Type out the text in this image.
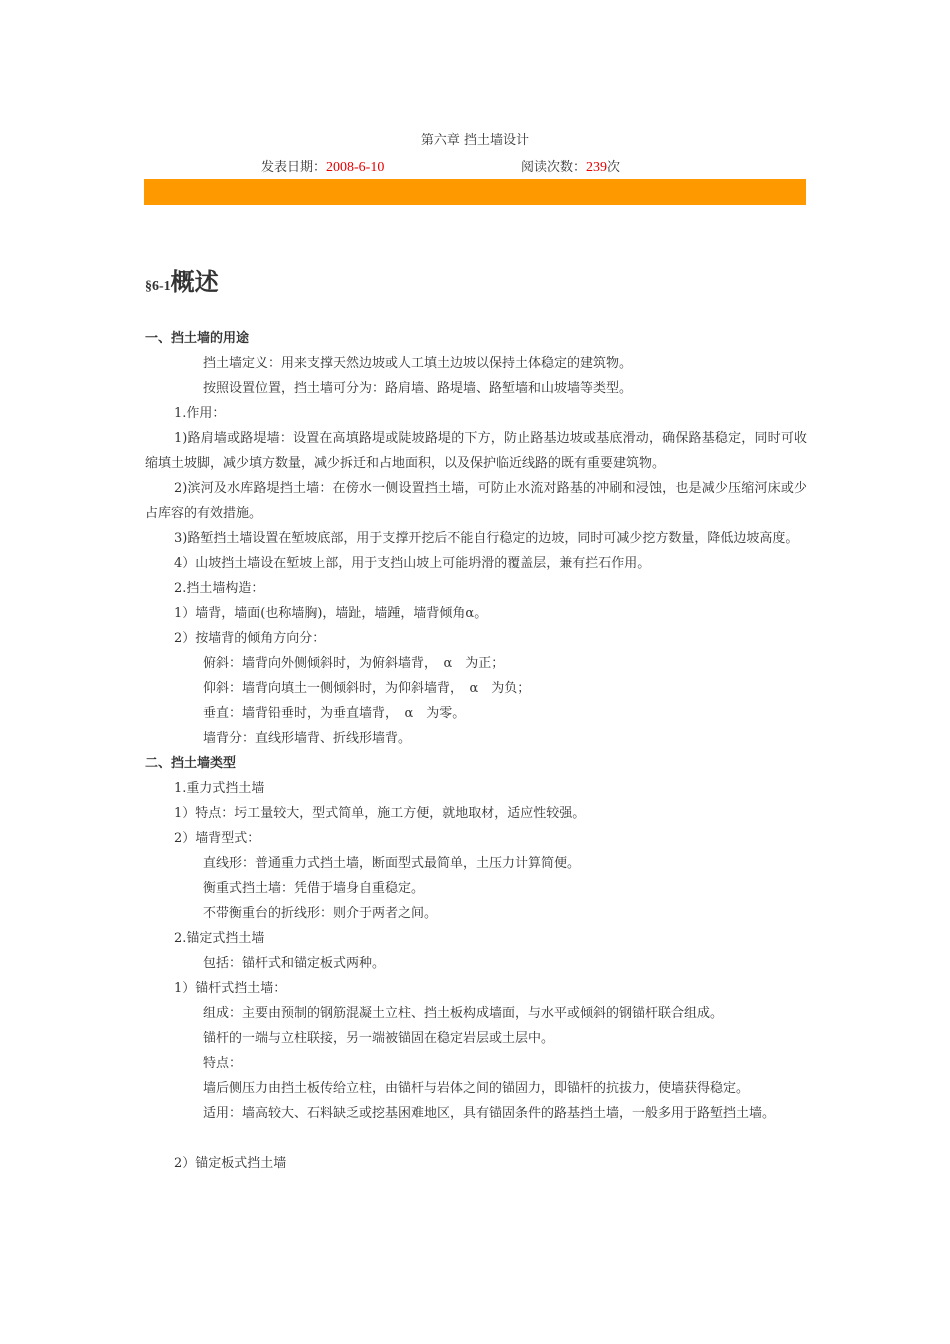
第六章 挡土墙设计
发表日期：2008-6-10	阅读次数：239次
§6-1概述

一、挡土墙的用途

挡土墙定义：用来支撑天然边坡或人工填土边坡以保持土体稳定的建筑物。

按照设置位置，挡土墙可分为：路肩墙、路堤墙、路堑墙和山坡墙等类型。

1.作用：

1)路肩墙或路堤墙：设置在高填路堤或陡坡路堤的下方，防止路基边坡或基底滑动，确保路基稳定，同时可收缩填土坡脚，减少填方数量，减少拆迁和占地面积，以及保护临近线路的既有重要建筑物。

2)滨河及水库路堤挡土墙：在傍水一侧设置挡土墙，可防止水流对路基的冲刷和浸蚀，也是减少压缩河床或少占库容的有效措施。

3)路堑挡土墙设置在堑坡底部，用于支撑开挖后不能自行稳定的边坡，同时可减少挖方数量，降低边坡高度。

4）山坡挡土墙设在堑坡上部，用于支挡山坡上可能坍滑的覆盖层，兼有拦石作用。

2.挡土墙构造：

1）墙背，墙面(也称墙胸)，墙趾，墙踵，墙背倾角α。

2）按墙背的倾角方向分：

俯斜：墙背向外侧倾斜时，为俯斜墙背，　α　为正；

仰斜：墙背向填土一侧倾斜时，为仰斜墙背，　α　为负；

垂直：墙背铅垂时，为垂直墙背，　α　为零。

墙背分：直线形墙背、折线形墙背。

二、挡土墙类型

1.重力式挡土墙

1）特点：圬工量较大，型式简单，施工方便，就地取材，适应性较强。

2）墙背型式：

直线形：普通重力式挡土墙，断面型式最简单，土压力计算简便。

衡重式挡土墙：凭借于墙身自重稳定。

不带衡重台的折线形：则介于两者之间。

2.锚定式挡土墙

包括：锚杆式和锚定板式两种。

1）锚杆式挡土墙：

组成：主要由预制的钢筋混凝土立柱、挡土板构成墙面，与水平或倾斜的钢锚杆联合组成。

锚杆的一端与立柱联接，另一端被锚固在稳定岩层或土层中。

特点：

墙后侧压力由挡土板传给立柱，由锚杆与岩体之间的锚固力，即锚杆的抗拔力，使墙获得稳定。

适用：墙高较大、石料缺乏或挖基困难地区，具有锚固条件的路基挡土墙，一般多用于路堑挡土墙。

2）锚定板式挡土墙
